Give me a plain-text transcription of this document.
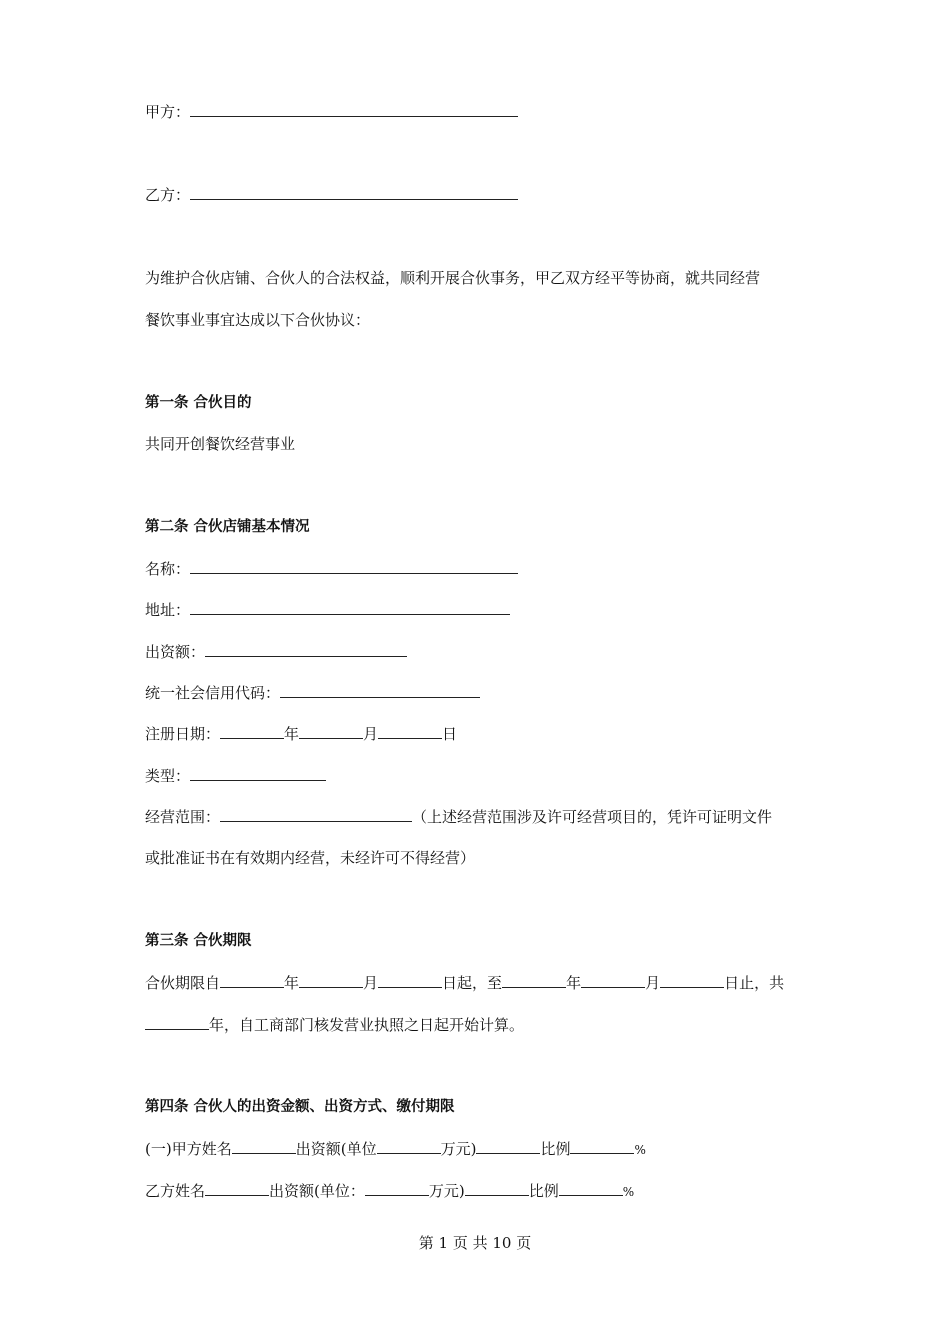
甲方：
乙方：
为维护合伙店铺、合伙人的合法权益，顺利开展合伙事务，甲乙双方经平等协商，就共同经营
餐饮事业事宜达成以下合伙协议：
第一条 合伙目的
共同开创餐饮经营事业
第二条 合伙店铺基本情况
名称：
地址：
出资额：
统一社会信用代码：
注册日期：	年	月	日
类型：
经营范围：	（上述经营范围涉及许可经营项目的，凭许可证明文件
或批准证书在有效期内经营，未经许可不得经营）
第三条 合伙期限
合伙期限自	年	月	日起，至	年	月	日止，共
年，自工商部门核发营业执照之日起开始计算。
第四条 合伙人的出资金额、出资方式、缴付期限
(一)甲方姓名	出资额(单位	万元)	比例	%
乙方姓名	出资额(单位：	万元)	比例	%
第 1 页 共 10 页
